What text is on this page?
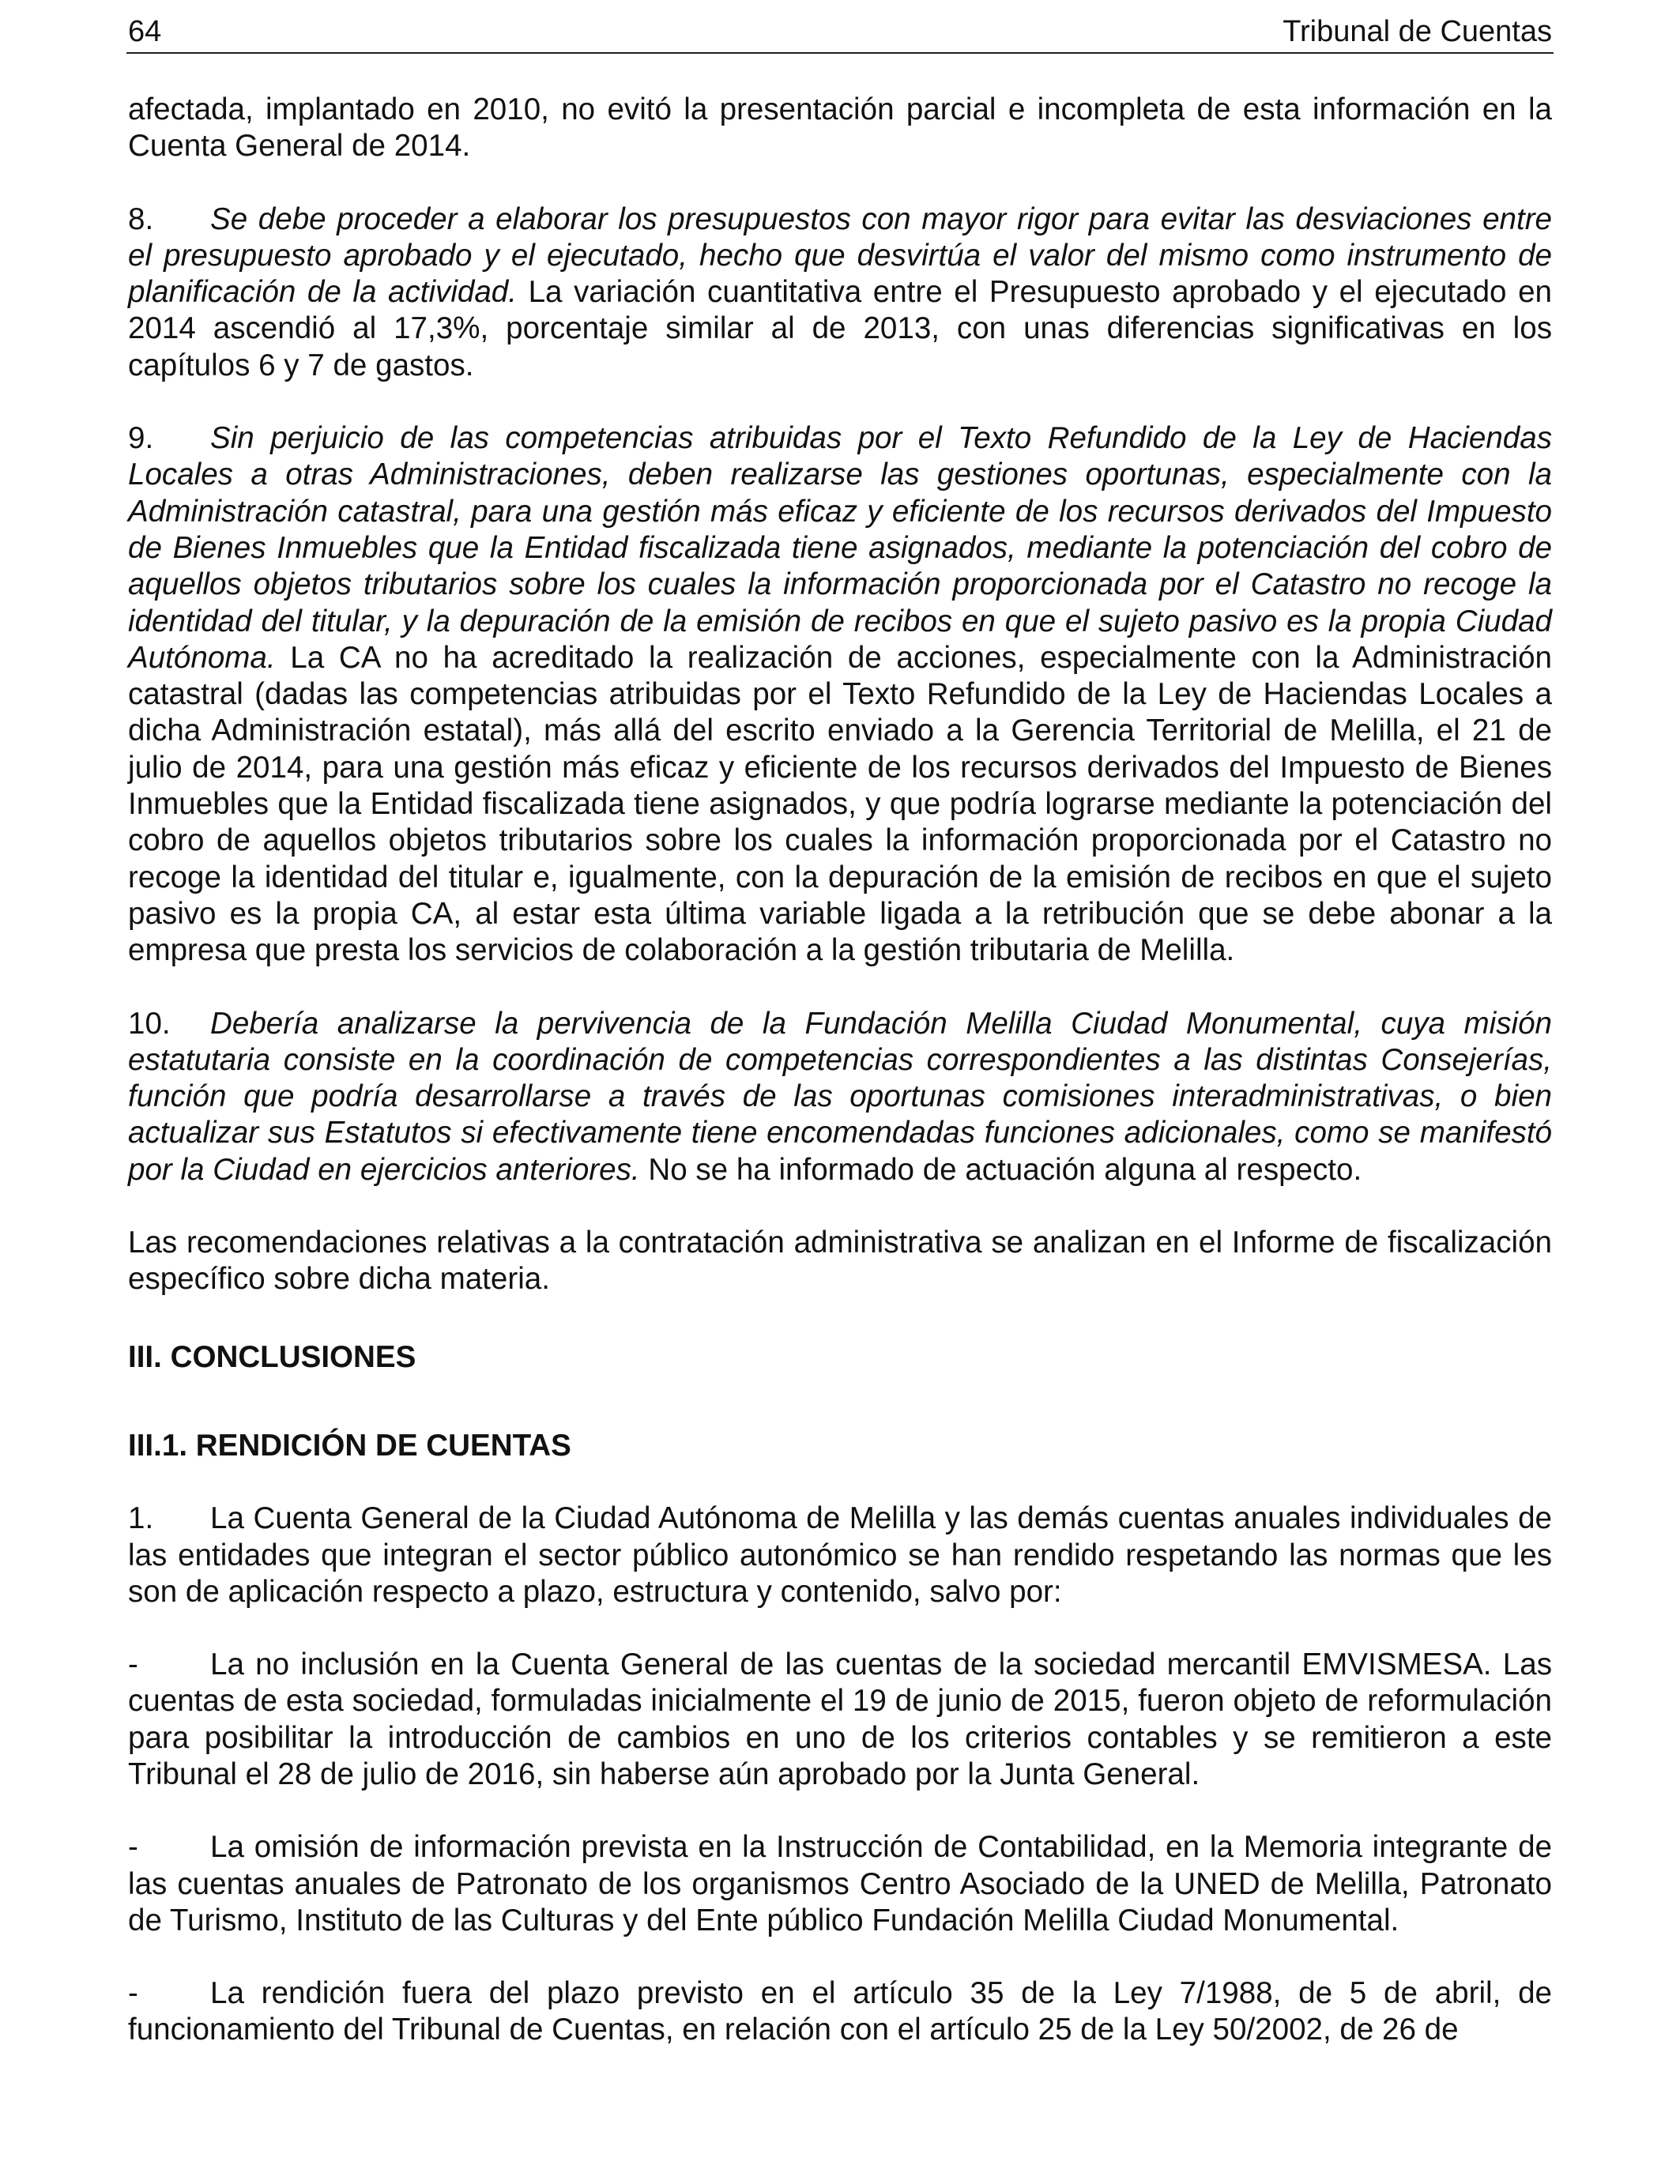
64	Tribunal de Cuentas

afectada, implantado en 2010, no evitó la presentación parcial e incompleta de esta información en la Cuenta General de 2014.

8. Se debe proceder a elaborar los presupuestos con mayor rigor para evitar las desviaciones entre el presupuesto aprobado y el ejecutado, hecho que desvirtúa el valor del mismo como instrumento de planificación de la actividad. La variación cuantitativa entre el Presupuesto aprobado y el ejecutado en 2014 ascendió al 17,3%, porcentaje similar al de 2013, con unas diferencias significativas en los capítulos 6 y 7 de gastos.

9. Sin perjuicio de las competencias atribuidas por el Texto Refundido de la Ley de Haciendas Locales a otras Administraciones, deben realizarse las gestiones oportunas, especialmente con la Administración catastral, para una gestión más eficaz y eficiente de los recursos derivados del Impuesto de Bienes Inmuebles que la Entidad fiscalizada tiene asignados, mediante la potenciación del cobro de aquellos objetos tributarios sobre los cuales la información proporcionada por el Catastro no recoge la identidad del titular, y la depuración de la emisión de recibos en que el sujeto pasivo es la propia Ciudad Autónoma. La CA no ha acreditado la realización de acciones, especialmente con la Administración catastral (dadas las competencias atribuidas por el Texto Refundido de la Ley de Haciendas Locales a dicha Administración estatal), más allá del escrito enviado a la Gerencia Territorial de Melilla, el 21 de julio de 2014, para una gestión más eficaz y eficiente de los recursos derivados del Impuesto de Bienes Inmuebles que la Entidad fiscalizada tiene asignados, y que podría lograrse mediante la potenciación del cobro de aquellos objetos tributarios sobre los cuales la información proporcionada por el Catastro no recoge la identidad del titular e, igualmente, con la depuración de la emisión de recibos en que el sujeto pasivo es la propia CA, al estar esta última variable ligada a la retribución que se debe abonar a la empresa que presta los servicios de colaboración a la gestión tributaria de Melilla.

10. Debería analizarse la pervivencia de la Fundación Melilla Ciudad Monumental, cuya misión estatutaria consiste en la coordinación de competencias correspondientes a las distintas Consejerías, función que podría desarrollarse a través de las oportunas comisiones interadministrativas, o bien actualizar sus Estatutos si efectivamente tiene encomendadas funciones adicionales, como se manifestó por la Ciudad en ejercicios anteriores. No se ha informado de actuación alguna al respecto.

Las recomendaciones relativas a la contratación administrativa se analizan en el Informe de fiscalización específico sobre dicha materia.

III. CONCLUSIONES
III.1. RENDICIÓN DE CUENTAS

1. La Cuenta General de la Ciudad Autónoma de Melilla y las demás cuentas anuales individuales de las entidades que integran el sector público autonómico se han rendido respetando las normas que les son de aplicación respecto a plazo, estructura y contenido, salvo por:

- La no inclusión en la Cuenta General de las cuentas de la sociedad mercantil EMVISMESA. Las cuentas de esta sociedad, formuladas inicialmente el 19 de junio de 2015, fueron objeto de reformulación para posibilitar la introducción de cambios en uno de los criterios contables y se remitieron a este Tribunal el 28 de julio de 2016, sin haberse aún aprobado por la Junta General.

- La omisión de información prevista en la Instrucción de Contabilidad, en la Memoria integrante de las cuentas anuales de Patronato de los organismos Centro Asociado de la UNED de Melilla, Patronato de Turismo, Instituto de las Culturas y del Ente público Fundación Melilla Ciudad Monumental.

- La rendición fuera del plazo previsto en el artículo 35 de la Ley 7/1988, de 5 de abril, de funcionamiento del Tribunal de Cuentas, en relación con el artículo 25 de la Ley 50/2002, de 26 de
